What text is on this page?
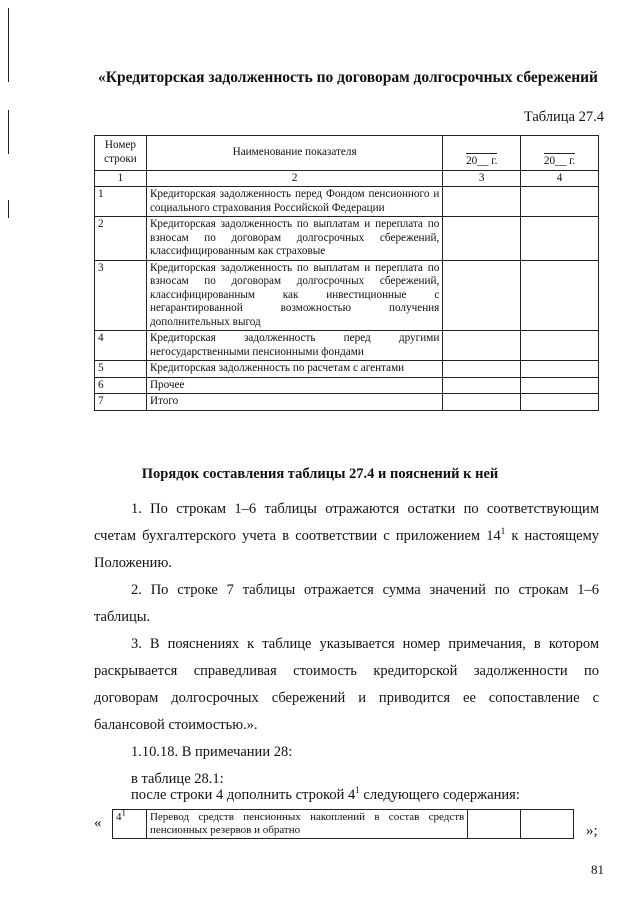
«Кредиторская задолженность по договорам долгосрочных сбережений
Таблица 27.4
Номер строки	Наименование показателя	20__ г.	20__ г.
1	2	3	4
1	Кредиторская задолженность перед Фондом пенсионного и социального страхования Российской Федерации		
2	Кредиторская задолженность по выплатам и переплата по взносам по договорам долгосрочных сбережений, классифицированным как страховые		
3	Кредиторская задолженность по выплатам и переплата по взносам по договорам долгосрочных сбережений, классифицированным как инвестиционные с негарантированной возможностью получения дополнительных выгод		
4	Кредиторская задолженность перед другими негосударственными пенсионными фондами		
5	Кредиторская задолженность по расчетам с агентами		
6	Прочее		
7	Итого		
Порядок составления таблицы 27.4 и пояснений к ней
1. По строкам 1–6 таблицы отражаются остатки по соответствующим счетам бухгалтерского учета в соответствии с приложением $14^1$ к настоящему Положению.
2. По строке 7 таблицы отражается сумма значений по строкам 1–6 таблицы.
3. В пояснениях к таблице указывается номер примечания, в котором раскрывается справедливая стоимость кредиторской задолженности по договорам долгосрочных сбережений и приводится ее сопоставление с балансовой стоимостью.».
1.10.18. В примечании 28:
в таблице 28.1:
после строки 4 дополнить строкой $4^1$ следующего содержания:
« $4^1$	Перевод средств пенсионных накоплений в состав средств пенсионных резервов и обратно			»;
81
